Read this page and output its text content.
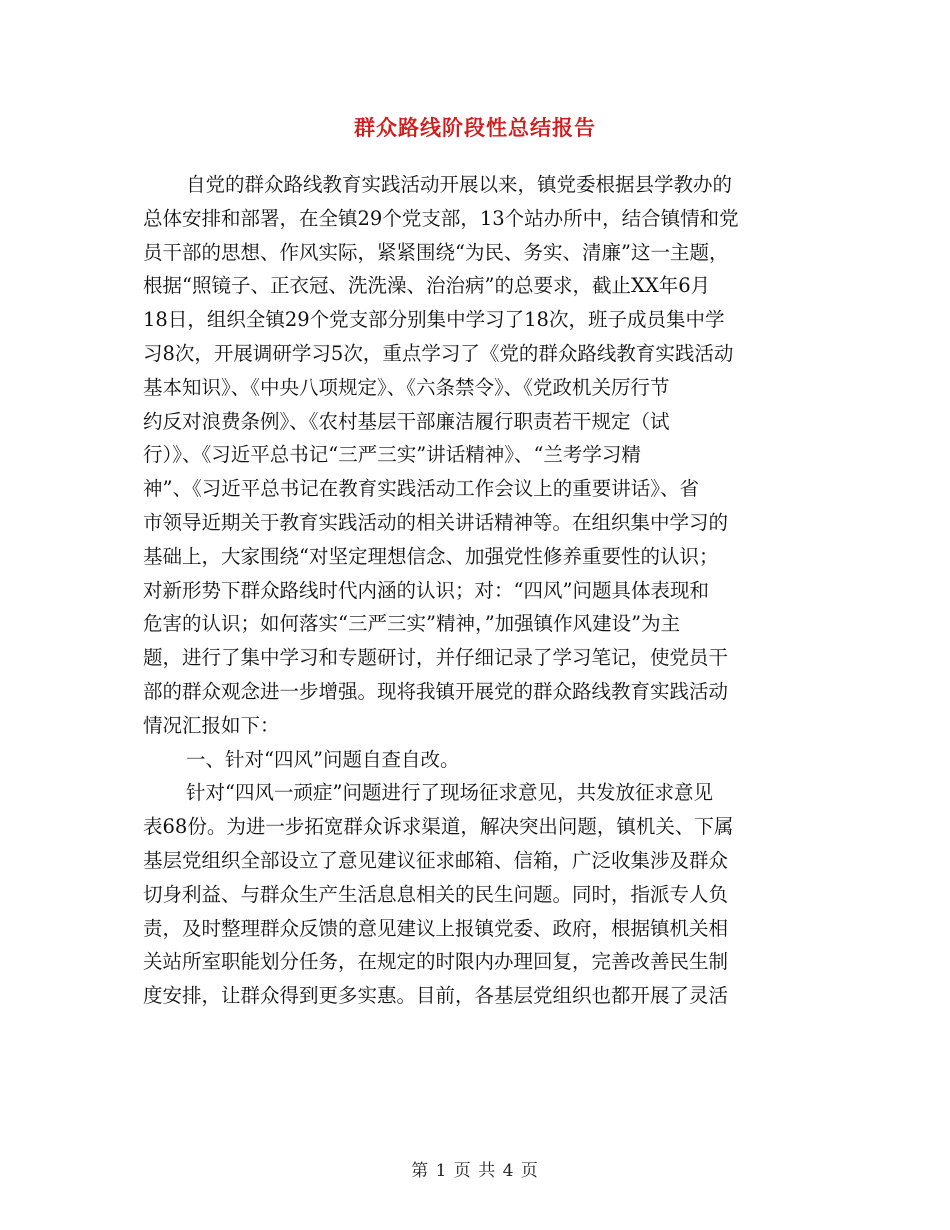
群众路线阶段性总结报告
自党的群众路线教育实践活动开展以来，镇党委根据县学教办的
总体安排和部署，在全镇29个党支部，13个站办所中，结合镇情和党
员干部的思想、作风实际，紧紧围绕“为民、务实、清廉”这一主题，
根据“照镜子、正衣冠、洗洗澡、治治病”的总要求，截止XX年6月
18日，组织全镇29个党支部分别集中学习了18次，班子成员集中学
习8次，开展调研学习5次，重点学习了《党的群众路线教育实践活动
基本知识》、《中央八项规定》、《六条禁令》、《党政机关厉行节
约反对浪费条例》、《农村基层干部廉洁履行职责若干规定（试
行）》、《习近平总书记“三严三实”讲话精神》、“兰考学习精
神”、《习近平总书记在教育实践活动工作会议上的重要讲话》、省
市领导近期关于教育实践活动的相关讲话精神等。在组织集中学习的
基础上，大家围绕“对坚定理想信念、加强党性修养重要性的认识；
对新形势下群众路线时代内涵的认识；对：“四风”问题具体表现和
危害的认识；如何落实“三严三实”精神，”加强镇作风建设”为主
题，进行了集中学习和专题研讨，并仔细记录了学习笔记，使党员干
部的群众观念进一步增强。现将我镇开展党的群众路线教育实践活动
情况汇报如下：
一、针对“四风”问题自查自改。
针对“四风一顽症”问题进行了现场征求意见，共发放征求意见
表68份。为进一步拓宽群众诉求渠道，解决突出问题，镇机关、下属
基层党组织全部设立了意见建议征求邮箱、信箱，广泛收集涉及群众
切身利益、与群众生产生活息息相关的民生问题。同时，指派专人负
责，及时整理群众反馈的意见建议上报镇党委、政府，根据镇机关相
关站所室职能划分任务，在规定的时限内办理回复，完善改善民生制
度安排，让群众得到更多实惠。目前，各基层党组织也都开展了灵活
第 1 页 共 4 页
